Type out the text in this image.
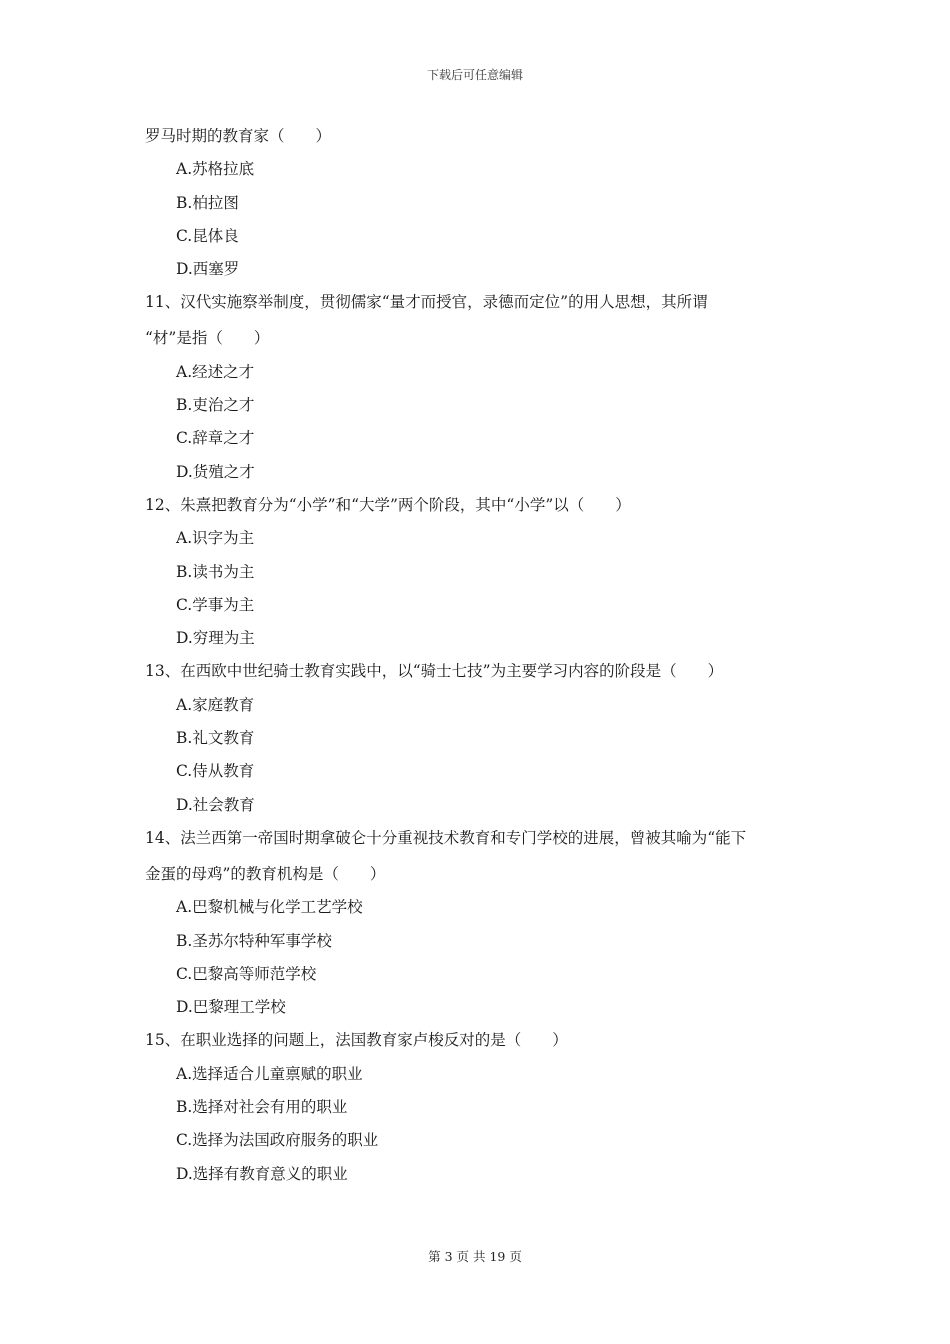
下载后可任意编辑
罗马时期的教育家（　　）
A.苏格拉底
B.柏拉图
C.昆体良
D.西塞罗
11、汉代实施察举制度，贯彻儒家“量才而授官，录德而定位”的用人思想，其所谓
“材”是指（　　）
A.经述之才
B.吏治之才
C.辞章之才
D.货殖之才
12、朱熹把教育分为“小学”和“大学”两个阶段，其中“小学”以（　　）
A.识字为主
B.读书为主
C.学事为主
D.穷理为主
13、在西欧中世纪骑士教育实践中，以“骑士七技”为主要学习内容的阶段是（　　）
A.家庭教育
B.礼文教育
C.侍从教育
D.社会教育
14、法兰西第一帝国时期拿破仑十分重视技术教育和专门学校的进展，曾被其喻为“能下
金蛋的母鸡”的教育机构是（　　）
A.巴黎机械与化学工艺学校
B.圣苏尔特种军事学校
C.巴黎高等师范学校
D.巴黎理工学校
15、在职业选择的问题上，法国教育家卢梭反对的是（　　）
A.选择适合儿童禀赋的职业
B.选择对社会有用的职业
C.选择为法国政府服务的职业
D.选择有教育意义的职业
第 3 页 共 19 页
